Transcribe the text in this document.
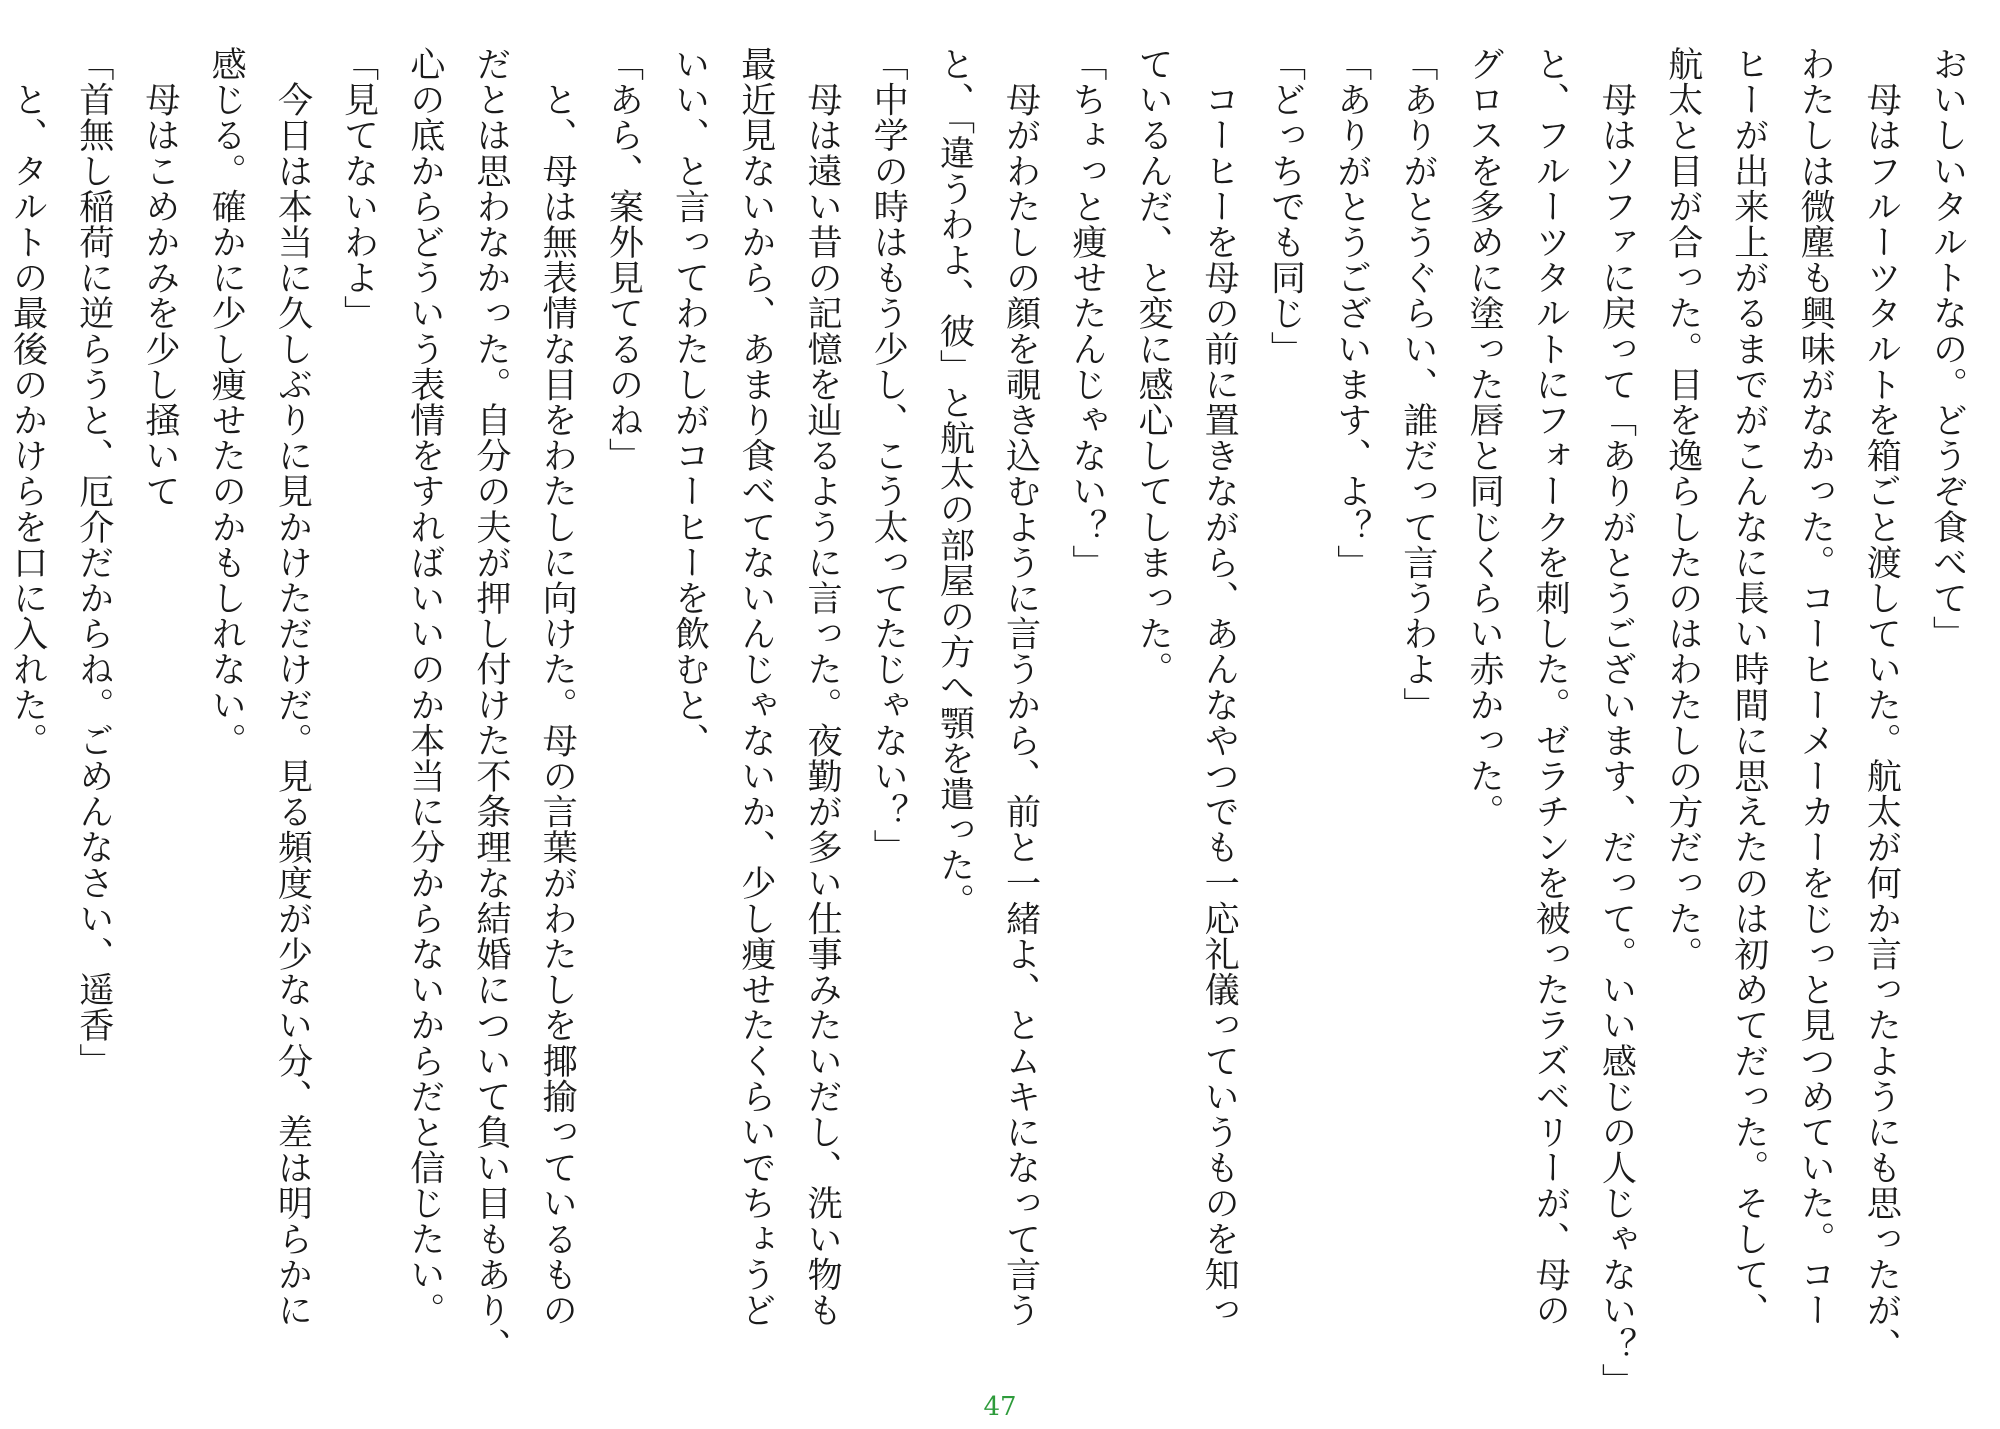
おいしいタルトなの。どうぞ食べて」
　母はフルーツタルトを箱ごと渡していた。航太が何か言ったようにも思ったが、
わたしは微塵も興味がなかった。コーヒーメーカーをじっと見つめていた。コー
ヒーが出来上がるまでがこんなに長い時間に思えたのは初めてだった。そして、
航太と目が合った。目を逸らしたのはわたしの方だった。
　母はソファに戻って「ありがとうございます、だって。いい感じの人じゃない？」
と、フルーツタルトにフォークを刺した。ゼラチンを被ったラズベリーが、母の
グロスを多めに塗った唇と同じくらい赤かった。
「ありがとうぐらい、誰だって言うわよ」
「ありがとうございます、よ？」
「どっちでも同じ」
　コーヒーを母の前に置きながら、あんなやつでも一応礼儀っていうものを知っ
ているんだ、と変に感心してしまった。
「ちょっと痩せたんじゃない？」
　母がわたしの顔を覗き込むように言うから、前と一緒よ、とムキになって言う
と、「違うわよ、彼」と航太の部屋の方へ顎を遣った。
「中学の時はもう少し、こう太ってたじゃない？」
　母は遠い昔の記憶を辿るように言った。夜勤が多い仕事みたいだし、洗い物も
最近見ないから、あまり食べてないんじゃないか、少し痩せたくらいでちょうど
いい、と言ってわたしがコーヒーを飲むと、
「あら、案外見てるのね」
　と、母は無表情な目をわたしに向けた。母の言葉がわたしを揶揄っているもの
だとは思わなかった。自分の夫が押し付けた不条理な結婚について負い目もあり、
心の底からどういう表情をすればいいのか本当に分からないからだと信じたい。
「見てないわよ」
　今日は本当に久しぶりに見かけただけだ。見る頻度が少ない分、差は明らかに
感じる。確かに少し痩せたのかもしれない。
　母はこめかみを少し掻いて
「首無し稲荷に逆らうと、厄介だからね。ごめんなさい、遥香」
　と、タルトの最後のかけらを口に入れた。
47
